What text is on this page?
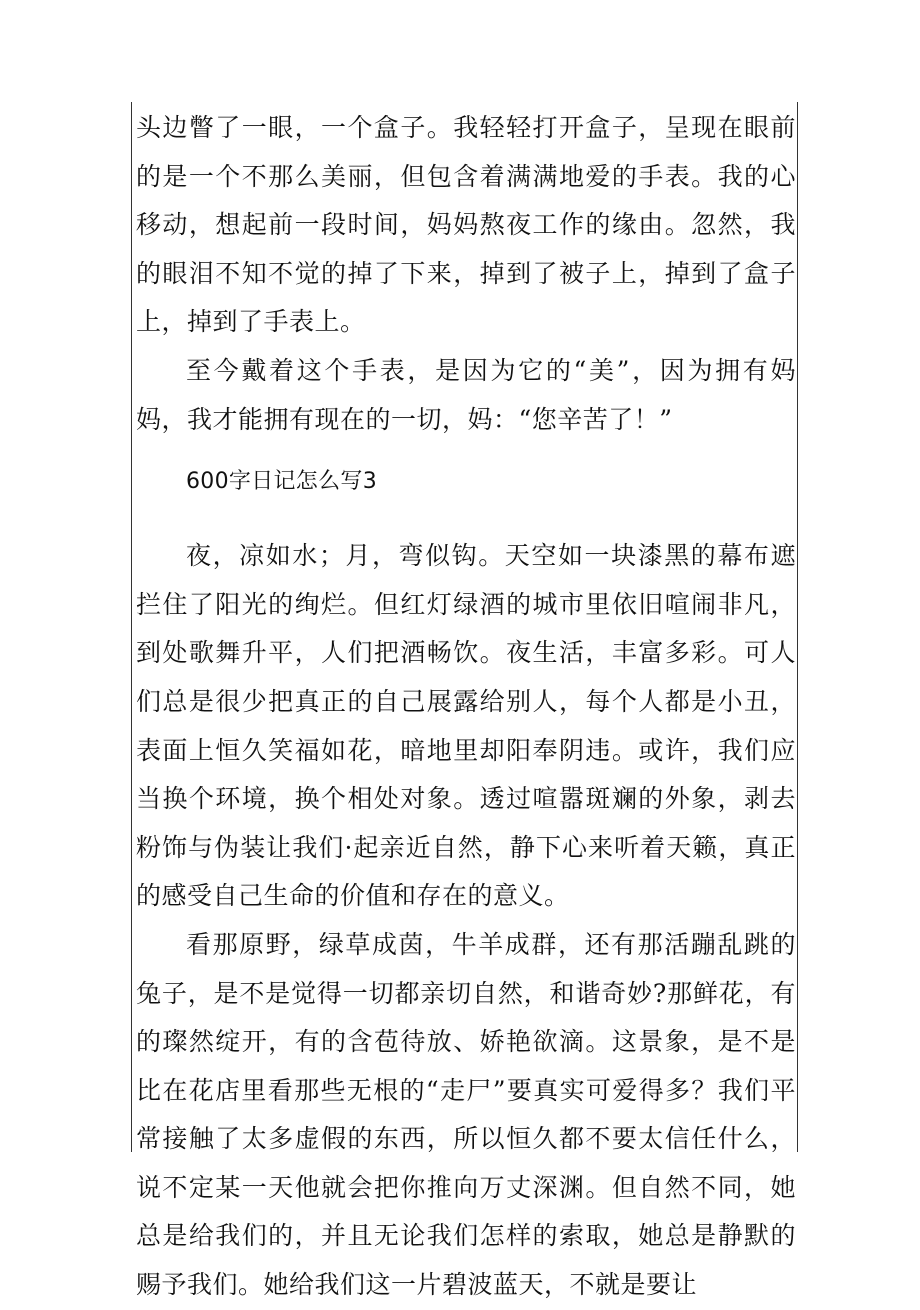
头边瞥了一眼，一个盒子。我轻轻打开盒子，呈现在眼前的是一个不那么美丽，但包含着满满地爱的手表。我的心移动，想起前一段时间，妈妈熬夜工作的缘由。忽然，我的眼泪不知不觉的掉了下来，掉到了被子上，掉到了盒子上，掉到了手表上。

至今戴着这个手表，是因为它的“美”，因为拥有妈妈，我才能拥有现在的一切，妈：“您辛苦了！”

600字日记怎么写3

夜，凉如水；月，弯似钩。天空如一块漆黑的幕布遮拦住了阳光的绚烂。但红灯绿酒的城市里依旧喧闹非凡，到处歌舞升平，人们把酒畅饮。夜生活，丰富多彩。可人们总是很少把真正的自己展露给别人，每个人都是小丑，表面上恒久笑福如花，暗地里却阳奉阴违。或许，我们应当换个环境，换个相处对象。透过喧嚣斑斓的外象，剥去粉饰与伪装让我们·起亲近自然，静下心来听着天籁，真正的感受自己生命的价值和存在的意义。

看那原野，绿草成茵，牛羊成群，还有那活蹦乱跳的兔子，是不是觉得一切都亲切自然，和谐奇妙?那鲜花，有的璨然绽开，有的含苞待放、娇艳欲滴。这景象，是不是比在花店里看那些无根的“走尸”要真实可爱得多？我们平常接触了太多虚假的东西，所以恒久都不要太信任什么，说不定某一天他就会把你推向万丈深渊。但自然不同，她总是给我们的，并且无论我们怎样的索取，她总是静默的赐予我们。她给我们这一片碧波蓝天，不就是要让
